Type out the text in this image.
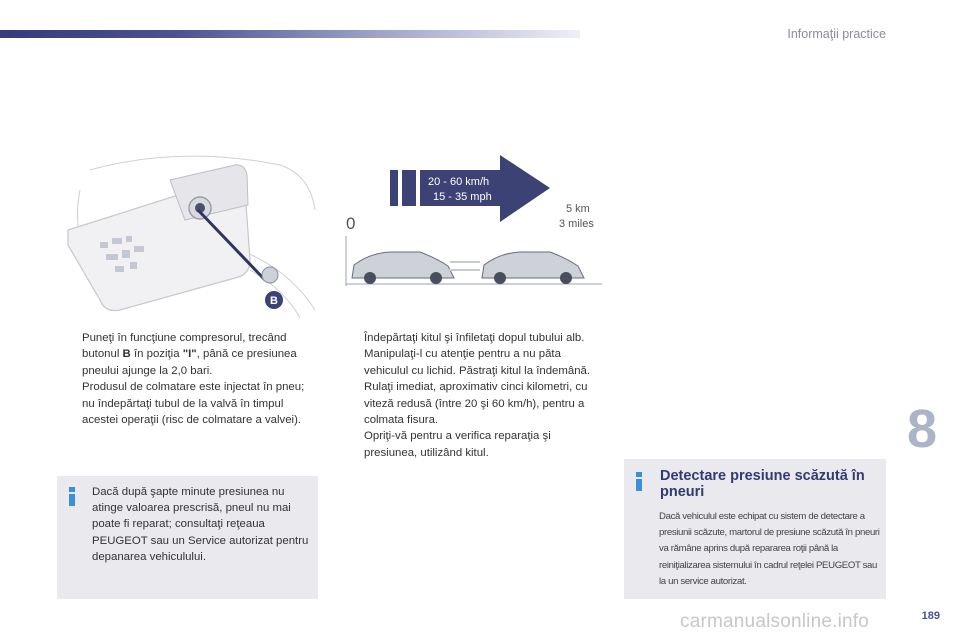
Informaţii practice
B
20 - 60 km/h
15 - 35 mph
0
5 km
3 miles
Puneţi în funcţiune compresorul, trecând butonul B în poziţia "I", până ce presiunea pneului ajunge la 2,0 bari.
Produsul de colmatare este injectat în pneu; nu îndepărtaţi tubul de la valvă în timpul acestei operaţii (risc de colmatare a valvei).
Îndepărtaţi kitul şi înfiletaţi dopul tubului alb.
Manipulaţi-l cu atenţie pentru a nu păta vehiculul cu lichid. Păstraţi kitul la îndemână.
Rulaţi imediat, aproximativ cinci kilometri, cu viteză redusă (între 20 şi 60 km/h), pentru a colmata fisura.
Opriţi-vă pentru a verifica reparaţia şi presiunea, utilizând kitul.
Dacă după şapte minute presiunea nu atinge valoarea prescrisă, pneul nu mai poate fi reparat; consultaţi reţeaua PEUGEOT sau un Service autorizat pentru depanarea vehiculului.
Detectare presiune scăzută în pneuri
Dacă vehiculul este echipat cu sistem de detectare a presiunii scăzute, martorul de presiune scăzută în pneuri va rămâne aprins după repararea roţii până la reiniţializarea sistemului în cadrul reţelei PEUGEOT sau la un service autorizat.
8
carmanualsonline.info	189
